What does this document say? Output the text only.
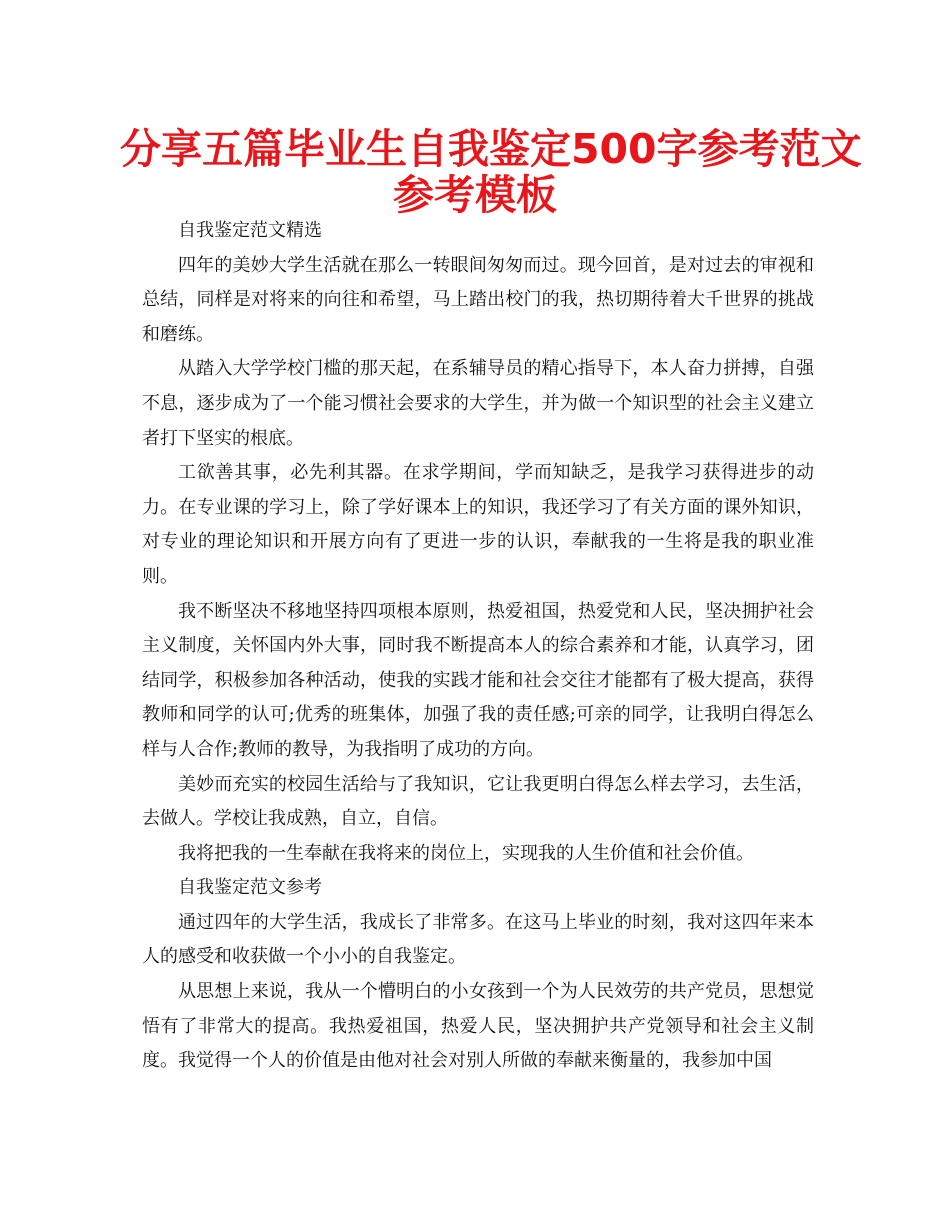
分享五篇毕业生自我鉴定500字参考范文
参考模板

自我鉴定范文精选

四年的美妙大学生活就在那么一转眼间匆匆而过。现今回首，是对过去的审视和总结，同样是对将来的向往和希望，马上踏出校门的我，热切期待着大千世界的挑战和磨练。

从踏入大学学校门槛的那天起，在系辅导员的精心指导下，本人奋力拼搏，自强不息，逐步成为了一个能习惯社会要求的大学生，并为做一个知识型的社会主义建立者打下坚实的根底。

工欲善其事，必先利其器。在求学期间，学而知缺乏，是我学习获得进步的动力。在专业课的学习上，除了学好课本上的知识，我还学习了有关方面的课外知识，对专业的理论知识和开展方向有了更进一步的认识，奉献我的一生将是我的职业准则。

我不断坚决不移地坚持四项根本原则，热爱祖国，热爱党和人民，坚决拥护社会主义制度，关怀国内外大事，同时我不断提高本人的综合素养和才能，认真学习，团结同学，积极参加各种活动，使我的实践才能和社会交往才能都有了极大提高，获得教师和同学的认可;优秀的班集体，加强了我的责任感;可亲的同学，让我明白得怎么样与人合作;教师的教导，为我指明了成功的方向。

美妙而充实的校园生活给与了我知识，它让我更明白得怎么样去学习，去生活，去做人。学校让我成熟，自立，自信。

我将把我的一生奉献在我将来的岗位上，实现我的人生价值和社会价值。

自我鉴定范文参考

通过四年的大学生活，我成长了非常多。在这马上毕业的时刻，我对这四年来本人的感受和收获做一个小小的自我鉴定。

从思想上来说，我从一个懵明白的小女孩到一个为人民效劳的共产党员，思想觉悟有了非常大的提高。我热爱祖国，热爱人民，坚决拥护共产党领导和社会主义制度。我觉得一个人的价值是由他对社会对别人所做的奉献来衡量的，我参加中国
